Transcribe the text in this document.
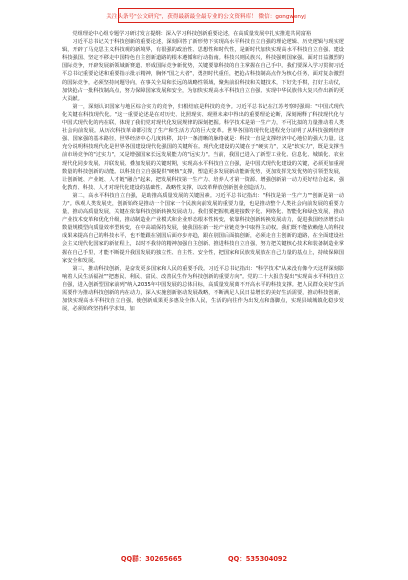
关注头条号"公文研究"，获得最新最全最专业的公文资料库！ 微信：gongwenyj

党组理论中心组专题学习研讨发言提纲：深入学习科技创新重要论述，在高质量发展中扎实推进共同富裕

习近平总书记关于科技创新的重要论述，深刻回答了新形势下实现高水平科技自立自强的理论逻辑、历史逻辑与现实逻辑，开辟了马克思主义科技观的新境界，有很强的政治性、思想性和时代性，是新时代加快实现高水平科技自立自强、建设科技强国、坚定不移走中国特色自主创新道路的根本遵循和行动指南。科技兴则民族兴，科技强则国家强。面对日益激烈的国际竞争，开辟发展新领域新赛道、形成国际竞争新优势，关键要靠科技的自主掌握在自己手中。我们要深入学习贯彻习近平总书记重要论述和重要指示批示精神，胸怀"国之大者"，勇担时代重任，把抢占科技制高点作为核心任务，面对复杂激烈的国际竞争，必须坚持问题导向，在事关全局和长远的战略性领域，聚焦前沿科技和关键技术，下好先手棋，打好主动仗，加快抢占一批科技制高点，努力保障国家发展和安全，为加快实现高水平科技自立自强、实现中华民族伟大复兴作出新的更大贡献。

第一，深刻认识国家与地区综合实力的竞争，归根结底是科技的竞争。习近平总书记在江苏考察时强调："中国式现代化关键在科技现代化。"这一重要论述是在对历史、比照现实、观照未来中得出的重要理论论断，深刻阐释了科技现代化与中国式现代化的内在联，体现了我们党对现代化发展规律的深刻把握。科学技术是第一生产力，不可比拟的力量推动着人类社会向前发展。从历次科技革命都引发了生产和生活方式的巨大变革。世界各国的现代化进程充分证明了从科技强到经济强、国家强的基本路径，世界经济中心几度转移，其中一条清晰的脉络就是：科技一直是支撑经济中心地位的强大力量。这充分说明科技现代化是世界各国建设现代化强国的关键所在。现代化建设的关键在于"硬实力"，又是"软实力"，既是支撑当前市场竞争的"过实力"，又是增强国家长远发展能力的"远实力"。当前，我国已进入了新型工业化、信息化、城镇化、农业现代化同步发展、并联发展、叠加发展的关键时期，实现高水平科技自立自强，是中国式现代化建设的关键，必须更加重视数量的科技创新的动能。以科技自立自强提供"硬核"支撑，塑造更多发展新动能新优势，更加发挥先发优势的引领型发展，让创新链、产业链、人才链"融合"起来，把发展科技第一生产力、培养人才第一资源、增强创新第一动力更好结合起来，强化教育、科技、人才对现代化建设的基础性、战略性支撑，以改革释放创新创业创造活力。

第二，高水平科技自立自强，是助推高质量发展的关键因素。习近平总书记指出："科技是第一生产力""创新是第一动力"。纵观人类发展史，创新始终是推动一个国家一个民族向前发展的重要力量，也是推动整个人类社会向前发展的重要力量，推动高质量发展，关键在依靠科技创新转换发展动力。我们要把握机遇迎接数字化、网络化、智能化和绿色发展，推动产业技术变革和优化升级，推动制造业产业模式和企业形态根本性转变，依靠科技创新转换发展动力，促进我国经济增长由数量规模型向质量效率型转变，在中高端保持发展，使我国在新一轮产业链竞争中取得主动权。我们既不能依赖他人的科技成果来提高自己的科技水平，也不能跟在别国后面亦步亦趋，跟在别国后面搞创新，必须走自主创新的道路，在全面建设社会主义现代化国家的新征程上，以时不我待的精神加强自主创新、推进科技自立自强，努力把关键核心技术和装备制造业掌握在自己手里，才能不断提升我国发展的独立性、自主性、安全性，把国家和民族发展放在自己力量的基点上，持续保障国家安全和发展。

第三，推动科技创新，是奋发更多国家和人民的重要手段。习近平总书记指出："科学技术"从来没有像今天这样深刻影响着人民生活福祉""把惠民、利民、富民、改善民生作为科技创新的重要方向"。党的二十大报告提出"实现高水平科技自立自强，进入创新型国家前列"纳入2035年中国发展的总体目标，高质量发展离不开高水平的科技支撑。把人民群众美好生活需要作为推动科技创新的内在动力，深入实施创新驱动发展战略，不断满足人民日益增长的美好生活需要，推动科技创新，加快实现高水平科技自立自强，使创新成果更多惠及全体人民，生活的向往作为出发点和落脚点，实现县域城镇化稳步发展，必须始终坚持科学求知，加

QQ群：30265665	QQ：535304092
